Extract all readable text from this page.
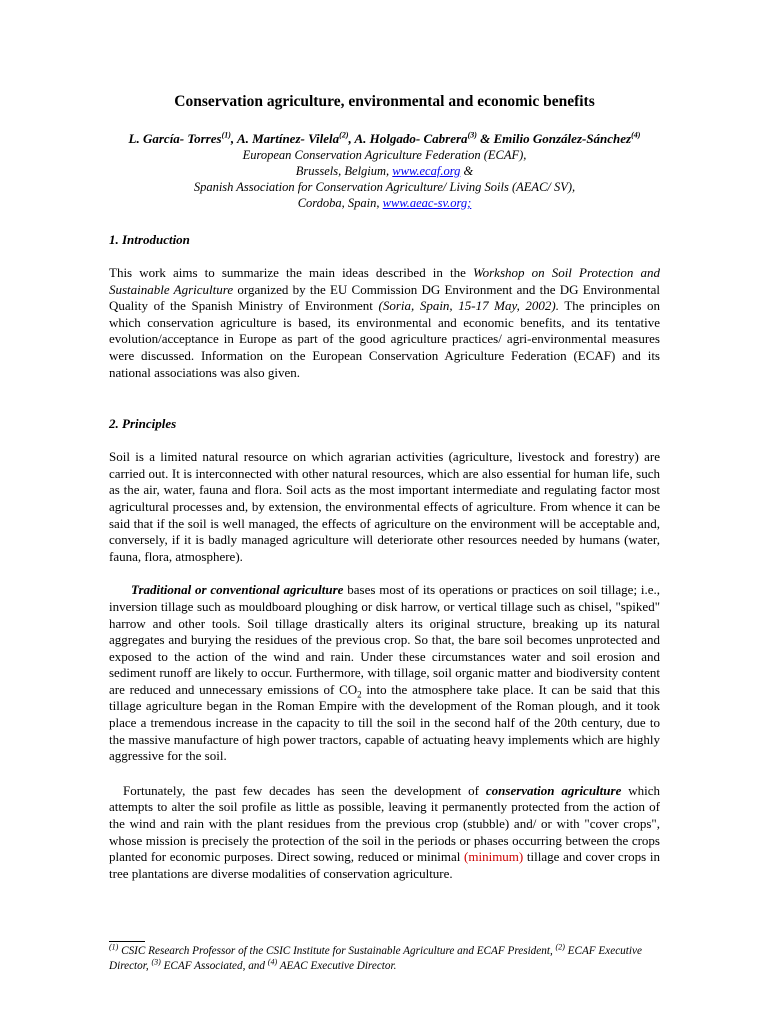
Conservation agriculture, environmental and economic benefits
L. García- Torres$^{(1)}$, A. Martínez- Vilela$^{(2)}$, A. Holgado- Cabrera$^{(3)}$ & Emilio González-Sánchez$^{(4)}$
European Conservation Agriculture Federation (ECAF),
Brussels, Belgium, www.ecaf.org &
Spanish Association for Conservation Agriculture/ Living Soils (AEAC/ SV),
Cordoba, Spain, www.aeac-sv.org;
1. Introduction

This work aims to summarize the main ideas described in the Workshop on Soil Protection and Sustainable Agriculture organized by the EU Commission DG Environment and the DG Environmental Quality of the Spanish Ministry of Environment (Soria, Spain, 15-17 May, 2002). The principles on which conservation agriculture is based, its environmental and economic benefits, and its tentative evolution/acceptance in Europe as part of the good agriculture practices/ agri-environmental measures were discussed. Information on the European Conservation Agriculture Federation (ECAF) and its national associations was also given.

2. Principles

Soil is a limited natural resource on which agrarian activities (agriculture, livestock and forestry) are carried out. It is interconnected with other natural resources, which are also essential for human life, such as the air, water, fauna and flora. Soil acts as the most important intermediate and regulating factor most agricultural processes and, by extension, the environmental effects of agriculture. From whence it can be said that if the soil is well managed, the effects of agriculture on the environment will be acceptable and, conversely, if it is badly managed agriculture will deteriorate other resources needed by humans (water, fauna, flora, atmosphere).

Traditional or conventional agriculture bases most of its operations or practices on soil tillage; i.e., inversion tillage such as mouldboard ploughing or disk harrow, or vertical tillage such as chisel, "spiked" harrow and other tools. Soil tillage drastically alters its original structure, breaking up its natural aggregates and burying the residues of the previous crop. So that, the bare soil becomes unprotected and exposed to the action of the wind and rain. Under these circumstances water and soil erosion and sediment runoff are likely to occur. Furthermore, with tillage, soil organic matter and biodiversity content are reduced and unnecessary emissions of $CO_2$ into the atmosphere take place. It can be said that this tillage agriculture began in the Roman Empire with the development of the Roman plough, and it took place a tremendous increase in the capacity to till the soil in the second half of the 20th century, due to the massive manufacture of high power tractors, capable of actuating heavy implements which are highly aggressive for the soil.

Fortunately, the past few decades has seen the development of conservation agriculture which attempts to alter the soil profile as little as possible, leaving it permanently protected from the action of the wind and rain with the plant residues from the previous crop (stubble) and/ or with "cover crops", whose mission is precisely the protection of the soil in the periods or phases occurring between the crops planted for economic purposes. Direct sowing, reduced or minimal (minimum) tillage and cover crops in tree plantations are diverse modalities of conservation agriculture.

$^{(1)}$ CSIC Research Professor of the CSIC Institute for Sustainable Agriculture and ECAF President, $^{(2)}$ ECAF Executive Director, $^{(3)}$ ECAF Associated, and $^{(4)}$ AEAC Executive Director.
